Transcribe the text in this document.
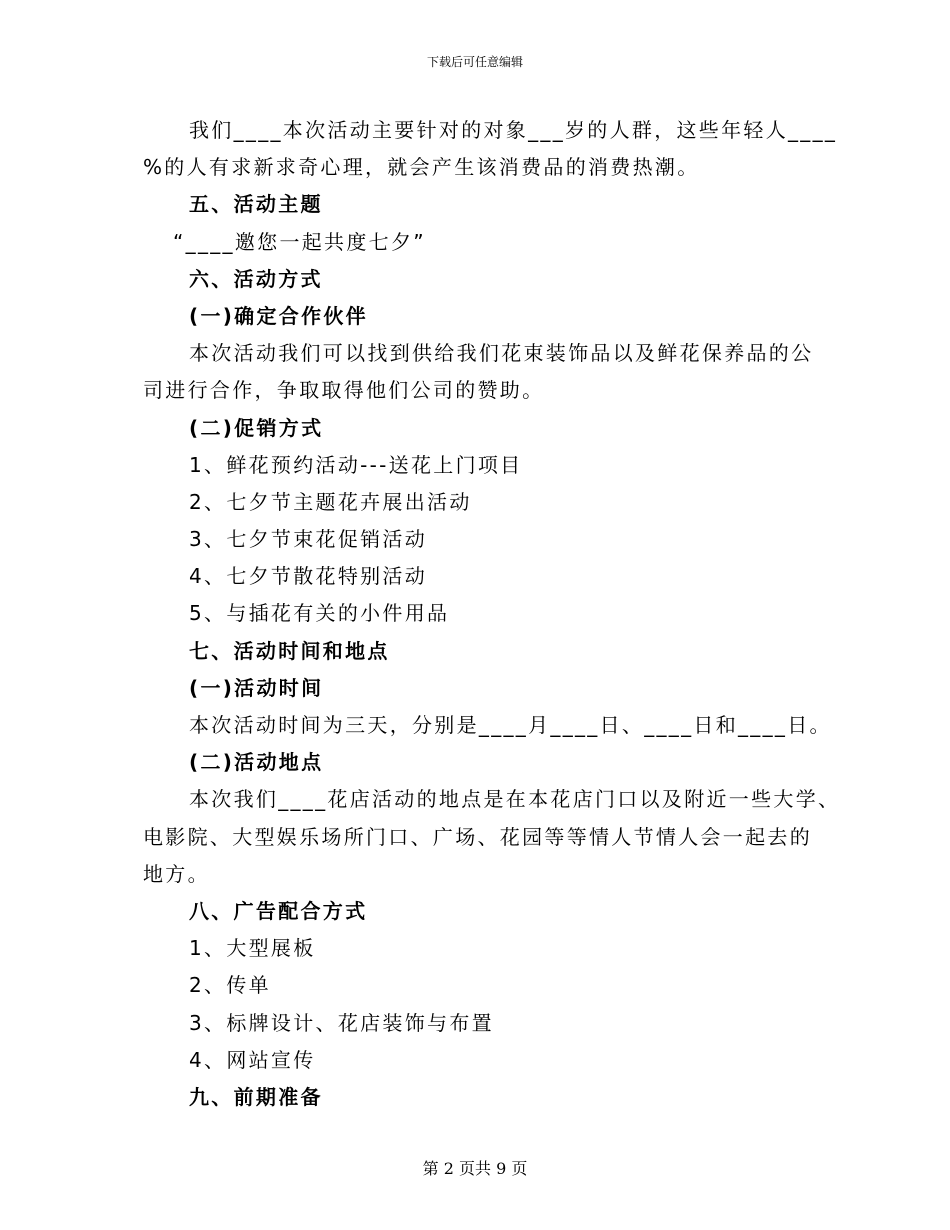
下载后可任意编辑
我们____本次活动主要针对的对象___岁的人群，这些年轻人____
%的人有求新求奇心理，就会产生该消费品的消费热潮。
五、活动主题
“____邀您一起共度七夕”
六、活动方式
(一)确定合作伙伴
本次活动我们可以找到供给我们花束装饰品以及鲜花保养品的公
司进行合作，争取取得他们公司的赞助。
(二)促销方式
1、鲜花预约活动---送花上门项目
2、七夕节主题花卉展出活动
3、七夕节束花促销活动
4、七夕节散花特别活动
5、与插花有关的小件用品
七、活动时间和地点
(一)活动时间
本次活动时间为三天，分别是____月____日、____日和____日。
(二)活动地点
本次我们____花店活动的地点是在本花店门口以及附近一些大学、
电影院、大型娱乐场所门口、广场、花园等等情人节情人会一起去的
地方。
八、广告配合方式
1、大型展板
2、传单
3、标牌设计、花店装饰与布置
4、网站宣传
九、前期准备
第 2 页共 9 页
